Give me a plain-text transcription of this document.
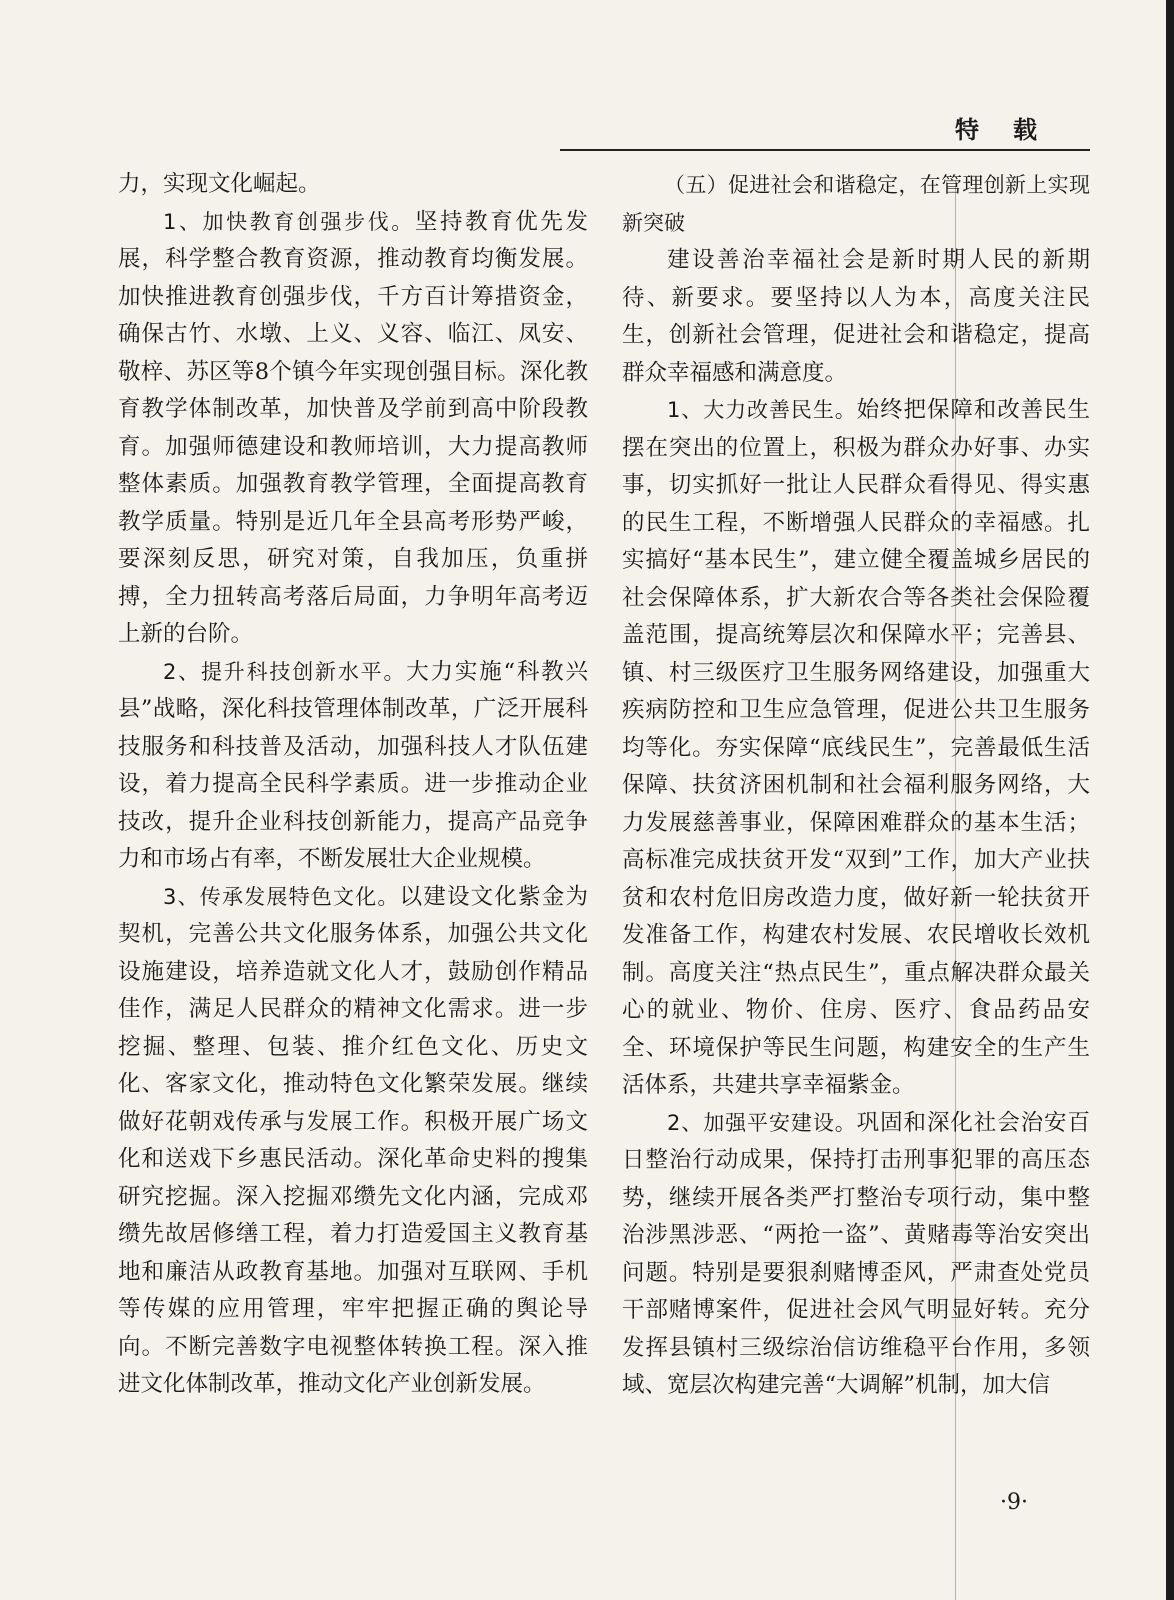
特载

力，实现文化崛起。

1、加快教育创强步伐。坚持教育优先发展，科学整合教育资源，推动教育均衡发展。加快推进教育创强步伐，千方百计筹措资金，确保古竹、水墩、上义、义容、临江、凤安、敬梓、苏区等8个镇今年实现创强目标。深化教育教学体制改革，加快普及学前到高中阶段教育。加强师德建设和教师培训，大力提高教师整体素质。加强教育教学管理，全面提高教育教学质量。特别是近几年全县高考形势严峻，要深刻反思，研究对策，自我加压，负重拼搏，全力扭转高考落后局面，力争明年高考迈上新的台阶。

2、提升科技创新水平。大力实施“科教兴县”战略，深化科技管理体制改革，广泛开展科技服务和科技普及活动，加强科技人才队伍建设，着力提高全民科学素质。进一步推动企业技改，提升企业科技创新能力，提高产品竞争力和市场占有率，不断发展壮大企业规模。

3、传承发展特色文化。以建设文化紫金为契机，完善公共文化服务体系，加强公共文化设施建设，培养造就文化人才，鼓励创作精品佳作，满足人民群众的精神文化需求。进一步挖掘、整理、包装、推介红色文化、历史文化、客家文化，推动特色文化繁荣发展。继续做好花朝戏传承与发展工作。积极开展广场文化和送戏下乡惠民活动。深化革命史料的搜集研究挖掘。深入挖掘邓缵先文化内涵，完成邓缵先故居修缮工程，着力打造爱国主义教育基地和廉洁从政教育基地。加强对互联网、手机等传媒的应用管理，牢牢把握正确的舆论导向。不断完善数字电视整体转换工程。深入推进文化体制改革，推动文化产业创新发展。

（五）促进社会和谐稳定，在管理创新上实现新突破

建设善治幸福社会是新时期人民的新期待、新要求。要坚持以人为本，高度关注民生，创新社会管理，促进社会和谐稳定，提高群众幸福感和满意度。

1、大力改善民生。始终把保障和改善民生摆在突出的位置上，积极为群众办好事、办实事，切实抓好一批让人民群众看得见、得实惠的民生工程，不断增强人民群众的幸福感。扎实搞好“基本民生”，建立健全覆盖城乡居民的社会保障体系，扩大新农合等各类社会保险覆盖范围，提高统筹层次和保障水平；完善县、镇、村三级医疗卫生服务网络建设，加强重大疾病防控和卫生应急管理，促进公共卫生服务均等化。夯实保障“底线民生”，完善最低生活保障、扶贫济困机制和社会福利服务网络，大力发展慈善事业，保障困难群众的基本生活；高标准完成扶贫开发“双到”工作，加大产业扶贫和农村危旧房改造力度，做好新一轮扶贫开发准备工作，构建农村发展、农民增收长效机制。高度关注“热点民生”，重点解决群众最关心的就业、物价、住房、医疗、食品药品安全、环境保护等民生问题，构建安全的生产生活体系，共建共享幸福紫金。

2、加强平安建设。巩固和深化社会治安百日整治行动成果，保持打击刑事犯罪的高压态势，继续开展各类严打整治专项行动，集中整治涉黑涉恶、“两抢一盗”、黄赌毒等治安突出问题。特别是要狠刹赌博歪风，严肃查处党员干部赌博案件，促进社会风气明显好转。充分发挥县镇村三级综治信访维稳平台作用，多领域、宽层次构建完善“大调解”机制，加大信

·9·
